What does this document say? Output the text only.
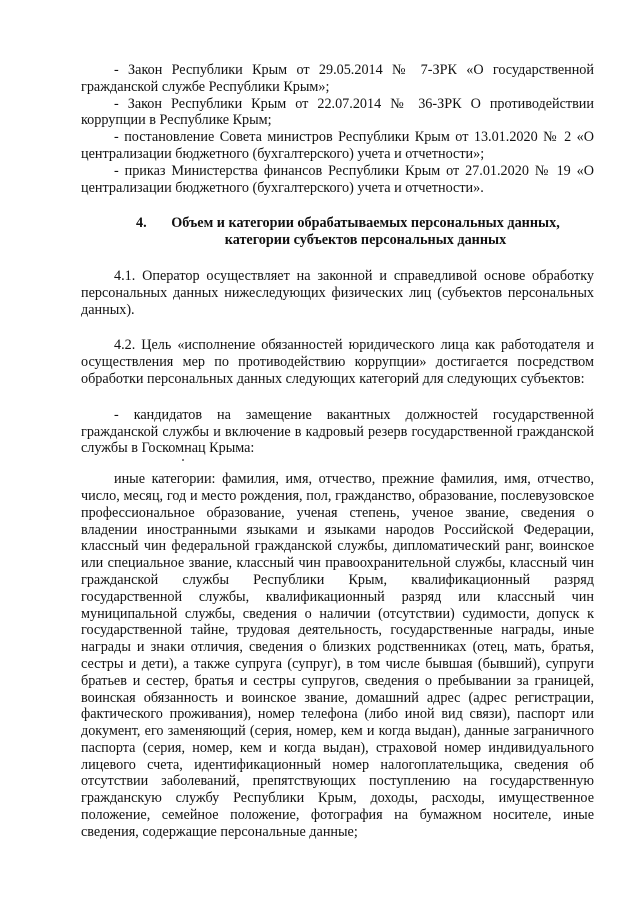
- Закон Республики Крым от 29.05.2014 № 7-ЗРК «О государственной гражданской службе Республики Крым»;

- Закон Республики Крым от 22.07.2014 № 36-ЗРК О противодействии коррупции в Республике Крым;

- постановление Совета министров Республики Крым от 13.01.2020 № 2 «О централизации бюджетного (бухгалтерского) учета и отчетности»;

- приказ Министерства финансов Республики Крым от 27.01.2020 № 19 «О централизации бюджетного (бухгалтерского) учета и отчетности».

4.	Объем и категории обрабатываемых персональных данных,
категории субъектов персональных данных

4.1. Оператор осуществляет на законной и справедливой основе обработку персональных данных нижеследующих физических лиц (субъектов персональных данных).

4.2. Цель «исполнение обязанностей юридического лица как работодателя и осуществления мер по противодействию коррупции» достигается посредством обработки персональных данных следующих категорий для следующих субъектов:

- кандидатов на замещение вакантных должностей государственной гражданской службы и включение в кадровый резерв государственной гражданской службы в Госкомнац Крыма:

иные категории: фамилия, имя, отчество, прежние фамилия, имя, отчество, число, месяц, год и место рождения, пол, гражданство, образование, послевузовское профессиональное образование, ученая степень, ученое звание, сведения о владении иностранными языками и языками народов Российской Федерации, классный чин федеральной гражданской службы, дипломатический ранг, воинское или специальное звание, классный чин правоохранительной службы, классный чин гражданской службы Республики Крым, квалификационный разряд государственной службы, квалификационный разряд или классный чин муниципальной службы, сведения о наличии (отсутствии) судимости, допуск к государственной тайне, трудовая деятельность, государственные награды, иные награды и знаки отличия, сведения о близких родственниках (отец, мать, братья, сестры и дети), а также супруга (супруг), в том числе бывшая (бывший), супруги братьев и сестер, братья и сестры супругов, сведения о пребывании за границей, воинская обязанность и воинское звание, домашний адрес (адрес регистрации, фактического проживания), номер телефона (либо иной вид связи), паспорт или документ, его заменяющий (серия, номер, кем и когда выдан), данные заграничного паспорта (серия, номер, кем и когда выдан), страховой номер индивидуального лицевого счета, идентификационный номер налогоплательщика, сведения об отсутствии заболеваний, препятствующих поступлению на государственную гражданскую службу Республики Крым, доходы, расходы, имущественное положение, семейное положение, фотография на бумажном носителе, иные сведения, содержащие персональные данные;
